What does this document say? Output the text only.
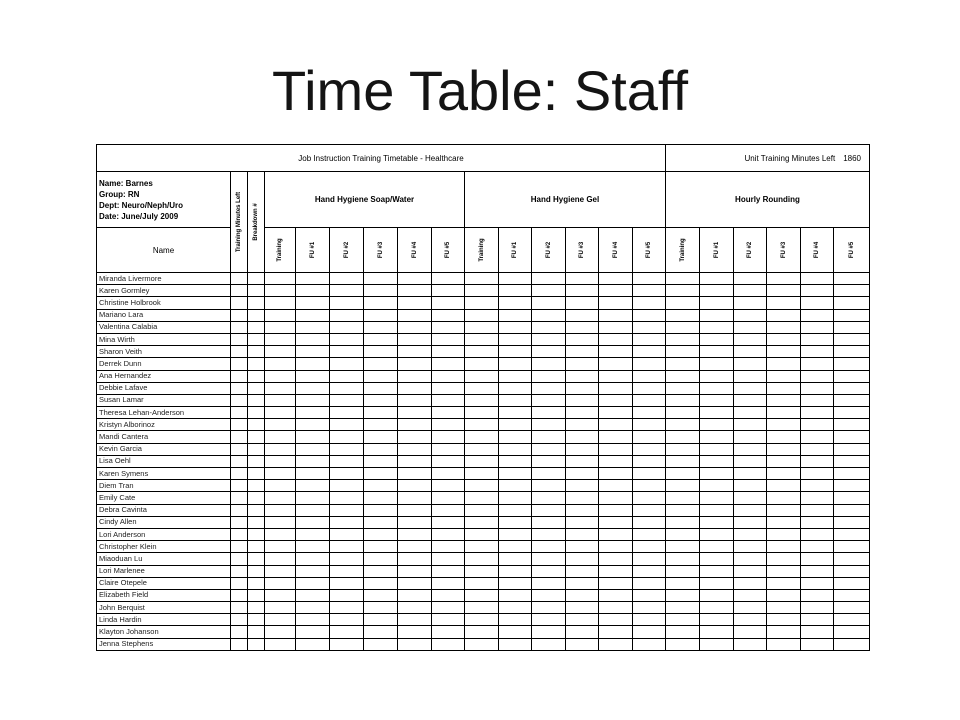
Time Table: Staff
Job Instruction Training Timetable - Healthcare															Unit Training Minutes Left 1860					

Name: Barnes
Group: RN
Dept: Neuro/Neph/Uro
Date: June/July 2009	Training Minutes Left	Breakdown #	Hand Hygiene Soap/Water						Hand Hygiene Gel						Hourly Rounding					
Name			Training	FU #1	FU #2	FU #3	FU #4	FU #5	Training	FU #1	FU #2	FU #3	FU #4	FU #5	Training	FU #1	FU #2	FU #3	FU #4	FU #5

Miranda Livermore																				
Karen Gormley																				
Christine Holbrook																				
Mariano Lara																				
Valentina Calabia																				
Mina Wirth																				
Sharon Veith																				
Derrek Dunn																				
Ana Hernandez																				
Debbie Lafave																				
Susan Lamar																				
Theresa Lehan-Anderson																				
Kristyn Alborinoz																				
Mandi Cantera																				
Kevin Garcia																				
Lisa Oehl																				
Karen Symens																				
Diem Tran																				
Emily Cate																				
Debra Cavinta																				
Cindy Allen																				
Lori Anderson																				
Christopher Klein																				
Miaoduan Lu																				
Lori Marlenee																				
Claire Otepele																				
Elizabeth Field																				
John Berquist																				
Linda Hardin																				
Klayton Johanson																				
Jenna Stephens																				
